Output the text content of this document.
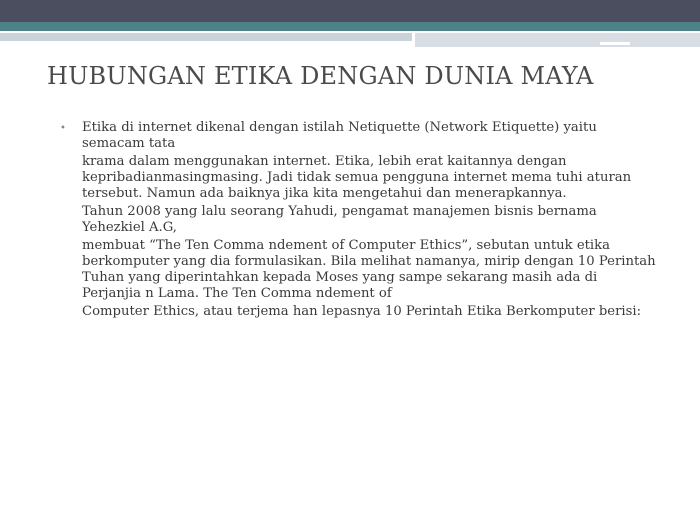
HUBUNGAN ETIKA DENGAN DUNIA MAYA
• Etika di internet dikenal dengan istilah Netiquette (Network Etiquette) yaitu semacam tata

krama dalam menggunakan internet. Etika, lebih erat kaitannya dengan kepribadianmasingmasing. Jadi tidak semua pengguna internet mema tuhi aturan tersebut. Namun ada baiknya jika kita mengetahui dan menerapkannya.

Tahun 2008 yang lalu seorang Yahudi, pengamat manajemen bisnis bernama Yehezkiel A.G,

membuat “The Ten Comma ndement of Computer Ethics”, sebutan untuk etika berkomputer yang dia formulasikan. Bila melihat namanya, mirip dengan 10 Perintah Tuhan yang diperintahkan kepada Moses yang sampe sekarang masih ada di Perjanjia n Lama. The Ten Comma ndement of

Computer Ethics, atau terjema han lepasnya 10 Perintah Etika Berkomputer berisi:
